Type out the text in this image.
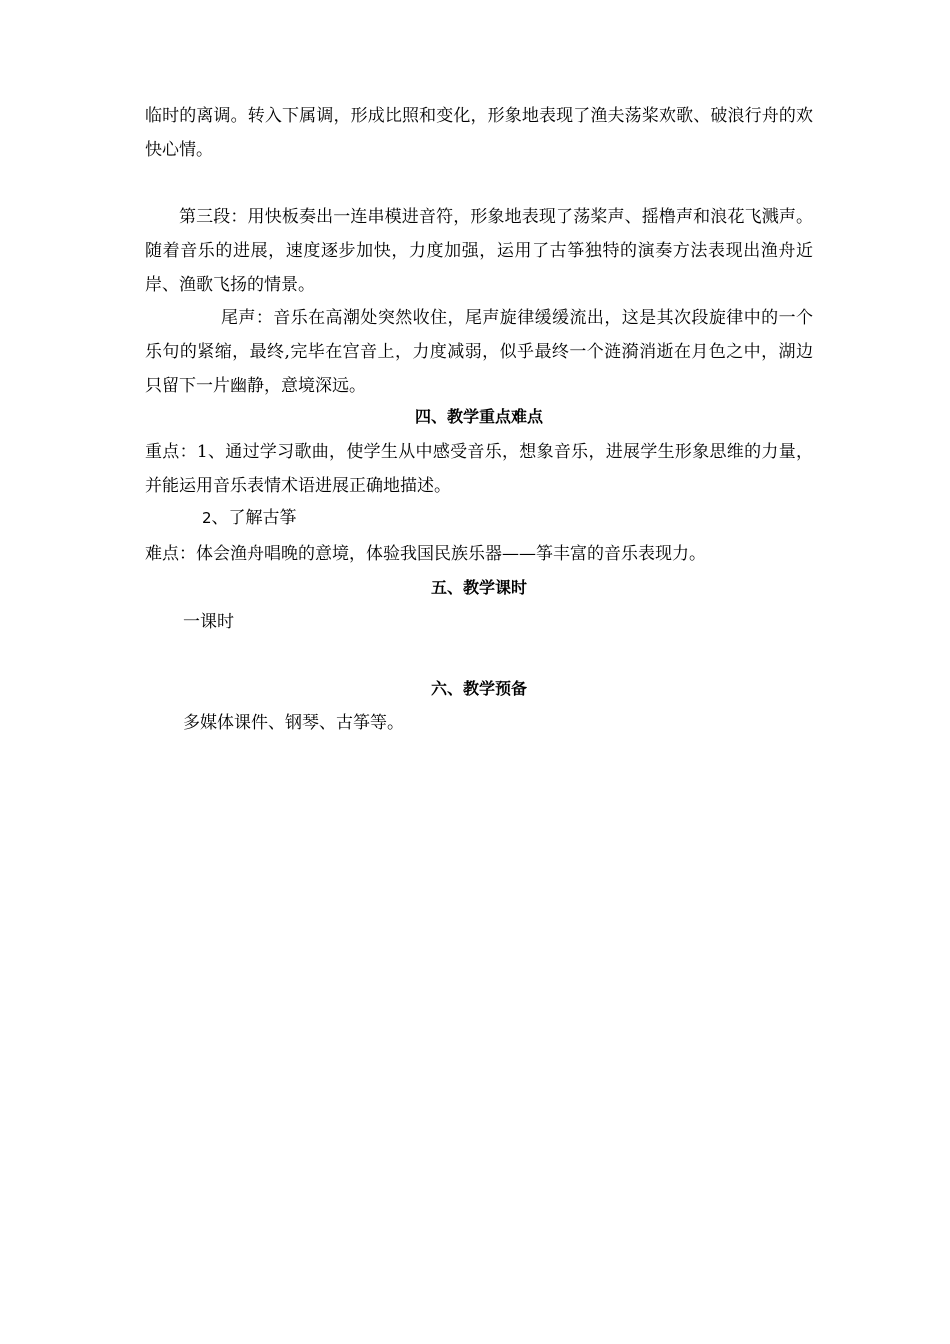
临时的离调。转入下属调，形成比照和变化，形象地表现了渔夫荡桨欢歌、破浪行舟的欢快心情。

第三段：用快板奏出一连串模进音符，形象地表现了荡桨声、摇橹声和浪花飞溅声。随着音乐的进展，速度逐步加快，力度加强，运用了古筝独特的演奏方法表现出渔舟近岸、渔歌飞扬的情景。

尾声：音乐在高潮处突然收住，尾声旋律缓缓流出，这是其次段旋律中的一个乐句的紧缩，最终,完毕在宫音上，力度减弱，似乎最终一个涟漪消逝在月色之中，湖边只留下一片幽静，意境深远。

四、教学重点难点

重点：1、通过学习歌曲，使学生从中感受音乐，想象音乐，进展学生形象思维的力量，并能运用音乐表情术语进展正确地描述。

2、了解古筝

难点：体会渔舟唱晚的意境，体验我国民族乐器——筝丰富的音乐表现力。

五、教学课时

一课时

六、教学预备

多媒体课件、钢琴、古筝等。
